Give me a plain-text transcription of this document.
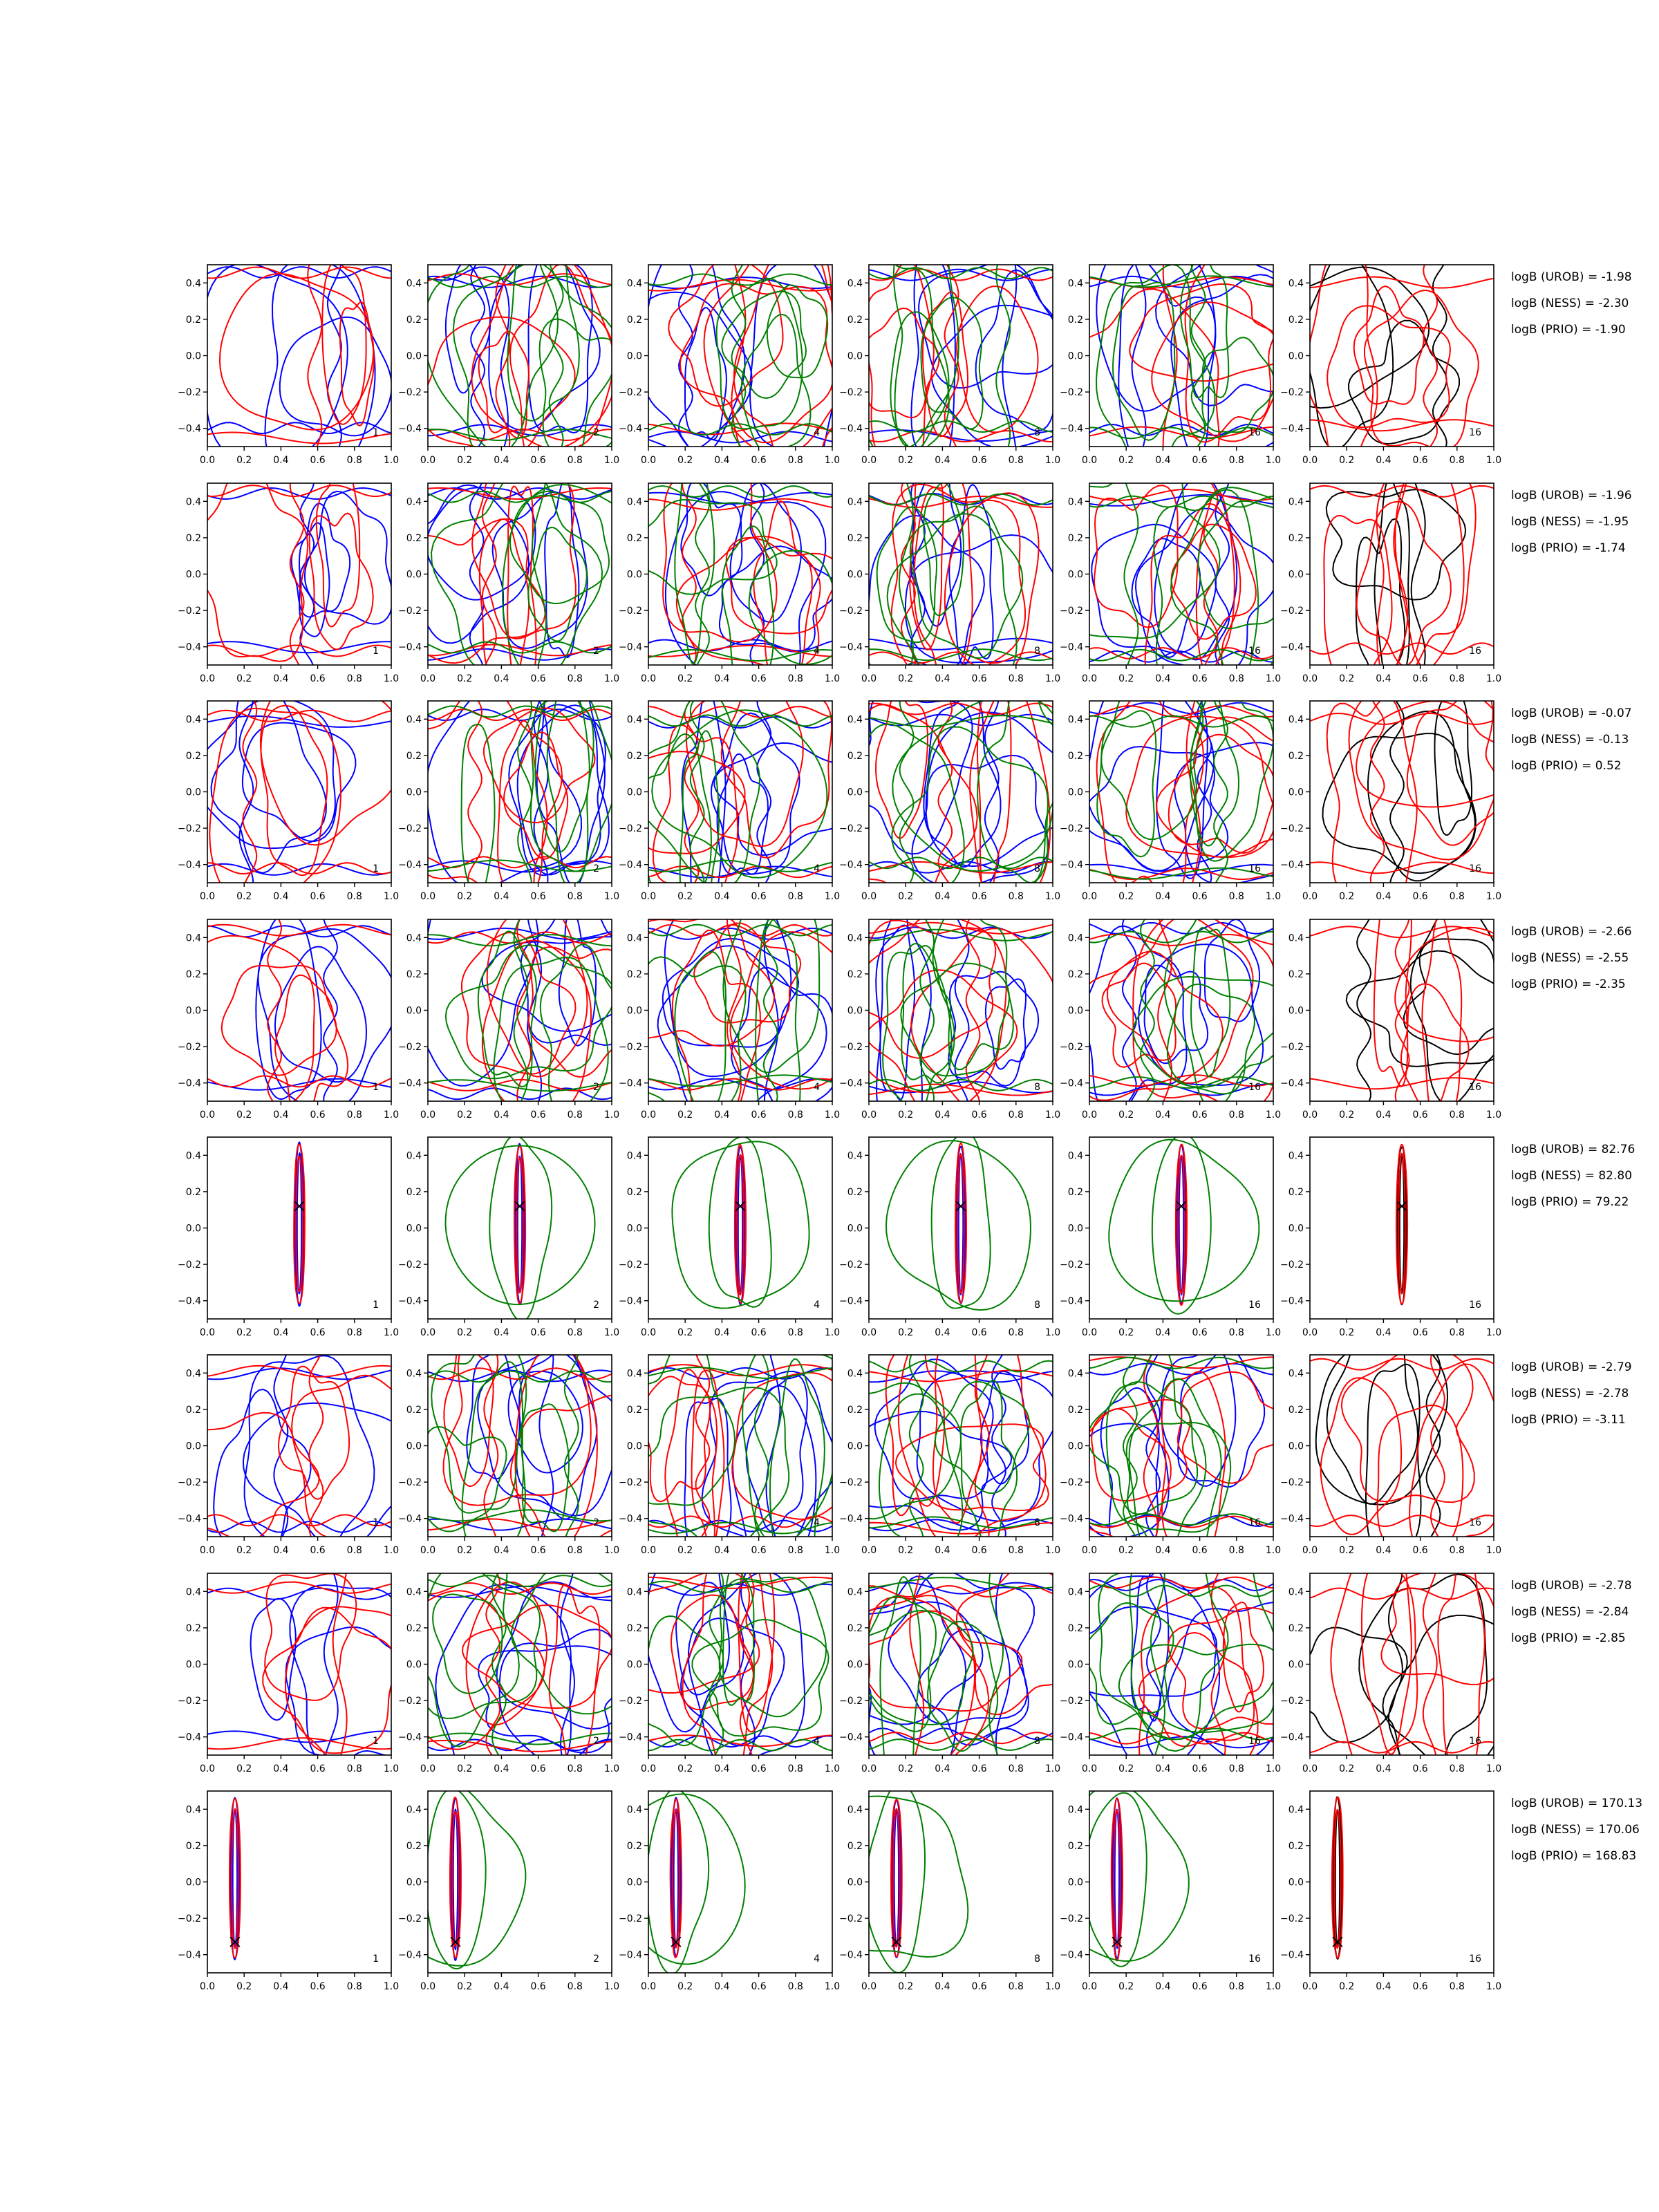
0.0 0.2 0.4 0.6 0.8 1.0
0.4
0.2
0.0
−0.2
−0.4	1
0.0 0.2 0.4 0.6 0.8 1.0
0.4
0.2
0.0
−0.2
−0.4	2
0.0 0.2 0.4 0.6 0.8 1.0
0.4
0.2
0.0
−0.2
−0.4	4
0.0 0.2 0.4 0.6 0.8 1.0
0.4
0.2
0.0
−0.2
−0.4	8
0.0 0.2 0.4 0.6 0.8 1.0
0.4
0.2
0.0
−0.2
−0.4	16
0.0 0.2 0.4 0.6 0.8 1.0
0.4
0.2
0.0
−0.2
−0.4	16
0.0 0.2 0.4 0.6 0.8 1.0
0.4
0.2
0.0
−0.2
−0.4	1
0.0 0.2 0.4 0.6 0.8 1.0
0.4
0.2
0.0
−0.2
−0.4	2
0.0 0.2 0.4 0.6 0.8 1.0
0.4
0.2
0.0
−0.2
−0.4	4
0.0 0.2 0.4 0.6 0.8 1.0
0.4
0.2
0.0
−0.2
−0.4	8
0.0 0.2 0.4 0.6 0.8 1.0
0.4
0.2
0.0
−0.2
−0.4	16
0.0 0.2 0.4 0.6 0.8 1.0
0.4
0.2
0.0
−0.2
−0.4	16
0.0 0.2 0.4 0.6 0.8 1.0
0.4
0.2
0.0
−0.2
−0.4	1
0.0 0.2 0.4 0.6 0.8 1.0
0.4
0.2
0.0
−0.2
−0.4	2
0.0 0.2 0.4 0.6 0.8 1.0
0.4
0.2
0.0
−0.2
−0.4	4
0.0 0.2 0.4 0.6 0.8 1.0
0.4
0.2
0.0
−0.2
−0.4	8
0.0 0.2 0.4 0.6 0.8 1.0
0.4
0.2
0.0
−0.2
−0.4	16
0.0 0.2 0.4 0.6 0.8 1.0
0.4
0.2
0.0
−0.2
−0.4	16
0.0 0.2 0.4 0.6 0.8 1.0
0.4
0.2
0.0
−0.2
−0.4	1
0.0 0.2 0.4 0.6 0.8 1.0
0.4
0.2
0.0
−0.2
−0.4	2
0.0 0.2 0.4 0.6 0.8 1.0
0.4
0.2
0.0
−0.2
−0.4	4
0.0 0.2 0.4 0.6 0.8 1.0
0.4
0.2
0.0
−0.2
−0.4	8
0.0 0.2 0.4 0.6 0.8 1.0
0.4
0.2
0.0
−0.2
−0.4	16
0.0 0.2 0.4 0.6 0.8 1.0
0.4
0.2
0.0
−0.2
−0.4	16
0.0 0.2 0.4 0.6 0.8 1.0
0.4
0.2
0.0
−0.2
−0.4	1
0.0 0.2 0.4 0.6 0.8 1.0
0.4
0.2
0.0
−0.2
−0.4	2
0.0 0.2 0.4 0.6 0.8 1.0
0.4
0.2
0.0
−0.2
−0.4	4
0.0 0.2 0.4 0.6 0.8 1.0
0.4
0.2
0.0
−0.2
−0.4	8
0.0 0.2 0.4 0.6 0.8 1.0
0.4
0.2
0.0
−0.2
−0.4	16
0.0 0.2 0.4 0.6 0.8 1.0
0.4
0.2
0.0
−0.2
−0.4	16
0.0 0.2 0.4 0.6 0.8 1.0
0.4
0.2
0.0
−0.2
−0.4	1
0.0 0.2 0.4 0.6 0.8 1.0
0.4
0.2
0.0
−0.2
−0.4	2
0.0 0.2 0.4 0.6 0.8 1.0
0.4
0.2
0.0
−0.2
−0.4	4
0.0 0.2 0.4 0.6 0.8 1.0
0.4
0.2
0.0
−0.2
−0.4	8
0.0 0.2 0.4 0.6 0.8 1.0
0.4
0.2
0.0
−0.2
−0.4	16
0.0 0.2 0.4 0.6 0.8 1.0
0.4
0.2
0.0
−0.2
−0.4	16
0.0 0.2 0.4 0.6 0.8 1.0
0.4
0.2
0.0
−0.2
−0.4	1
0.0 0.2 0.4 0.6 0.8 1.0
0.4
0.2
0.0
−0.2
−0.4	2
0.0 0.2 0.4 0.6 0.8 1.0
0.4
0.2
0.0
−0.2
−0.4	4
0.0 0.2 0.4 0.6 0.8 1.0
0.4
0.2
0.0
−0.2
−0.4	8
0.0 0.2 0.4 0.6 0.8 1.0
0.4
0.2
0.0
−0.2
−0.4	16
0.0 0.2 0.4 0.6 0.8 1.0
0.4
0.2
0.0
−0.2
−0.4	16
0.0 0.2 0.4 0.6 0.8 1.0
0.4
0.2
0.0
−0.2
−0.4	1
0.0 0.2 0.4 0.6 0.8 1.0
0.4
0.2
0.0
−0.2
−0.4	2
0.0 0.2 0.4 0.6 0.8 1.0
0.4
0.2
0.0
−0.2
−0.4	4
0.0 0.2 0.4 0.6 0.8 1.0
0.4
0.2
0.0
−0.2
−0.4	8
0.0 0.2 0.4 0.6 0.8 1.0
0.4
0.2
0.0
−0.2
−0.4	16
0.0 0.2 0.4 0.6 0.8 1.0
0.4
0.2
0.0
−0.2
−0.4	16
logB (UROB) = -1.98
logB (NESS) = -2.30
logB (PRIO) = -1.90
logB (UROB) = -1.96
logB (NESS) = -1.95
logB (PRIO) = -1.74
logB (UROB) = -0.07
logB (NESS) = -0.13
logB (PRIO) = 0.52
logB (UROB) = -2.66
logB (NESS) = -2.55
logB (PRIO) = -2.35
logB (UROB) = 82.76
logB (NESS) = 82.80
logB (PRIO) = 79.22
logB (UROB) = -2.79
logB (NESS) = -2.78
logB (PRIO) = -3.11
logB (UROB) = -2.78
logB (NESS) = -2.84
logB (PRIO) = -2.85
logB (UROB) = 170.13
logB (NESS) = 170.06
logB (PRIO) = 168.83
